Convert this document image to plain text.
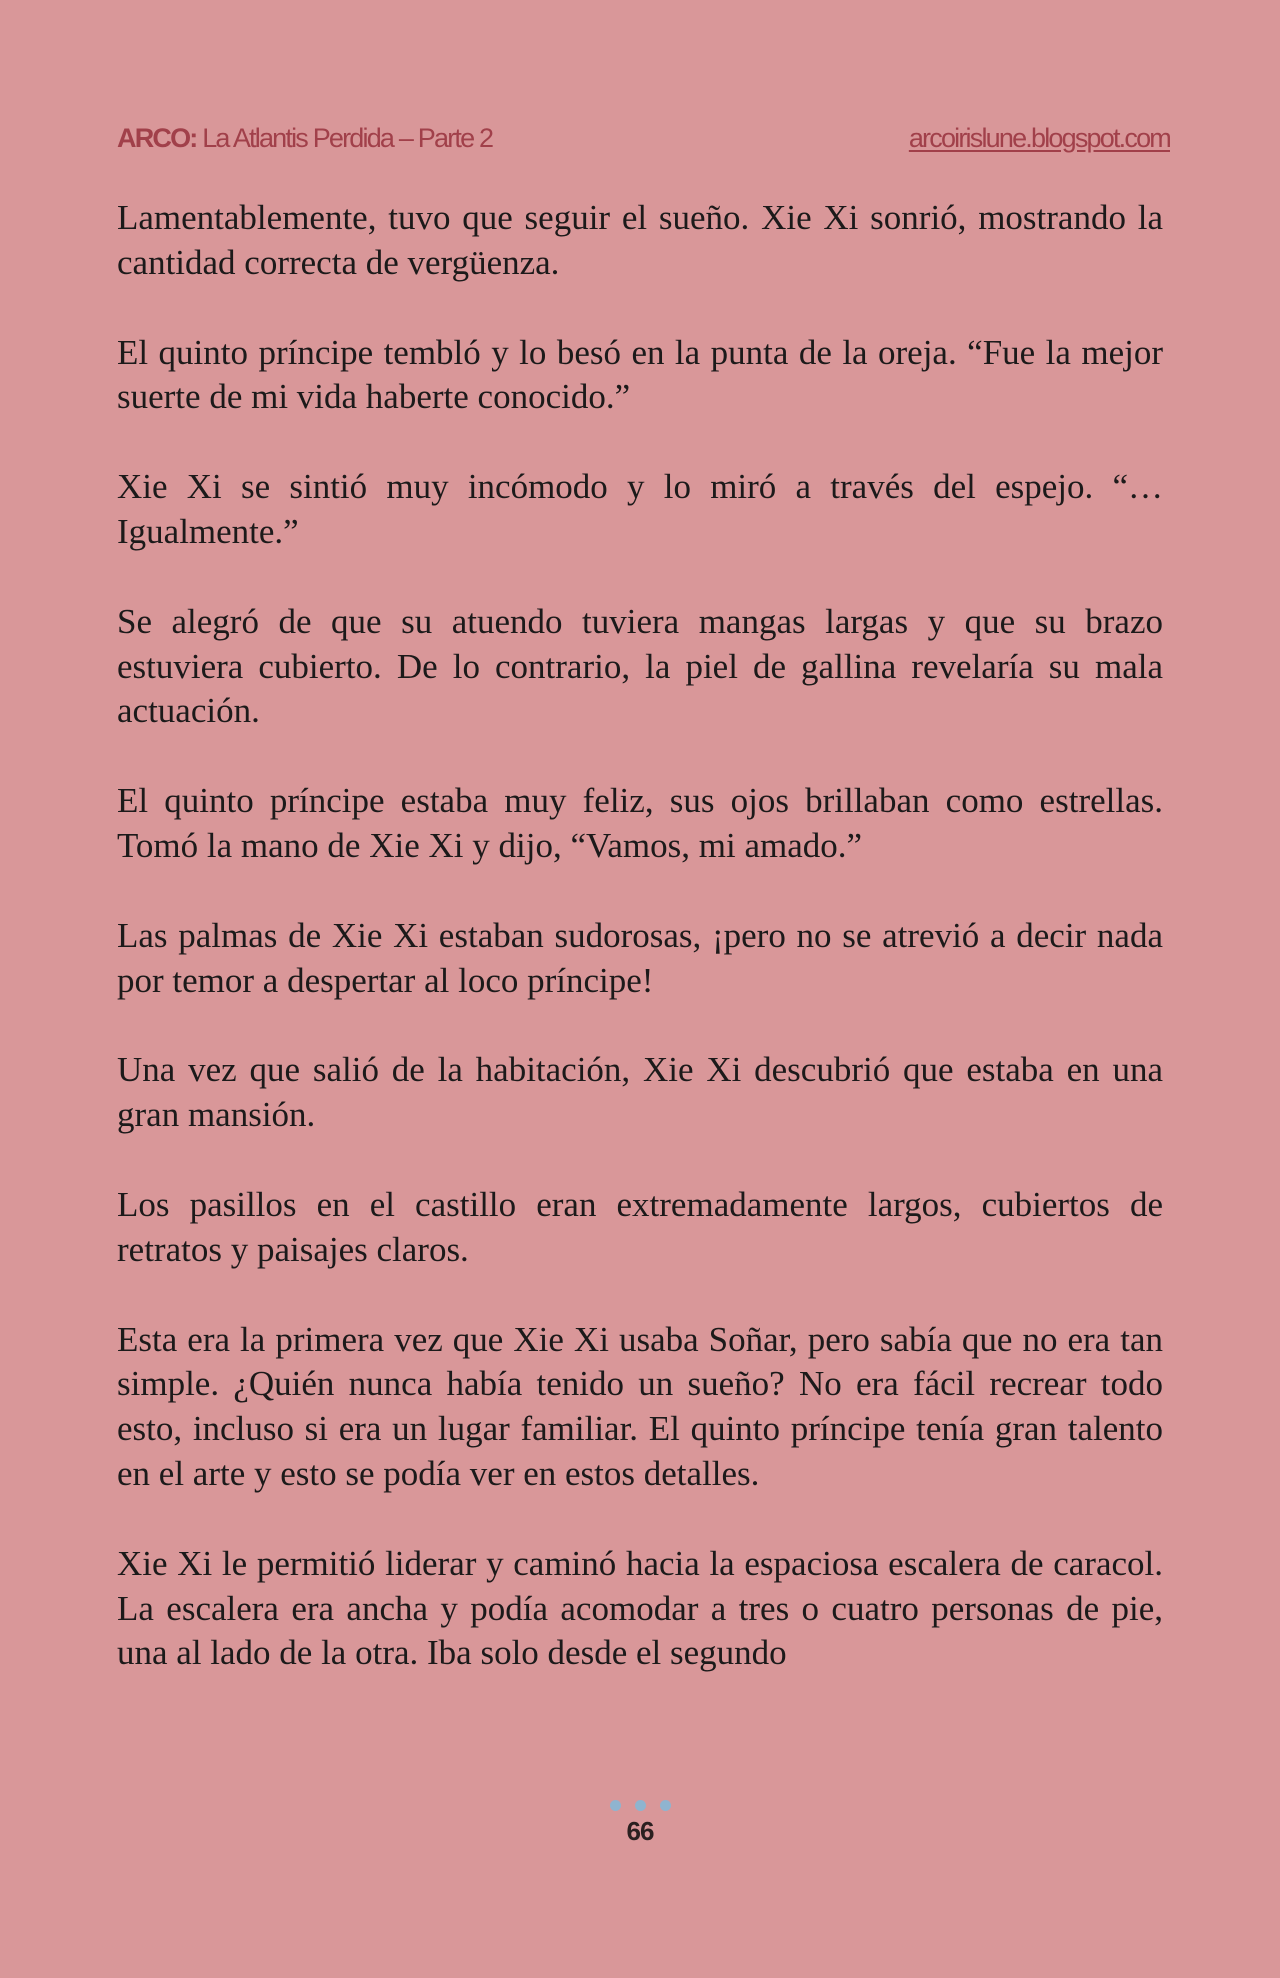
ARCO: La Atlantis Perdida – Parte 2	arcoirislune.blogspot.com

Lamentablemente, tuvo que seguir el sueño. Xie Xi sonrió, mostrando la cantidad correcta de vergüenza.

El quinto príncipe tembló y lo besó en la punta de la oreja. “Fue la mejor suerte de mi vida haberte conocido.”

Xie Xi se sintió muy incómodo y lo miró a través del espejo. “…Igualmente.”

Se alegró de que su atuendo tuviera mangas largas y que su brazo estuviera cubierto. De lo contrario, la piel de gallina revelaría su mala actuación.

El quinto príncipe estaba muy feliz, sus ojos brillaban como estrellas. Tomó la mano de Xie Xi y dijo, “Vamos, mi amado.”

Las palmas de Xie Xi estaban sudorosas, ¡pero no se atrevió a decir nada por temor a despertar al loco príncipe!

Una vez que salió de la habitación, Xie Xi descubrió que estaba en una gran mansión.

Los pasillos en el castillo eran extremadamente largos, cubiertos de retratos y paisajes claros.

Esta era la primera vez que Xie Xi usaba Soñar, pero sabía que no era tan simple. ¿Quién nunca había tenido un sueño? No era fácil recrear todo esto, incluso si era un lugar familiar. El quinto príncipe tenía gran talento en el arte y esto se podía ver en estos detalles.

Xie Xi le permitió liderar y caminó hacia la espaciosa escalera de caracol. La escalera era ancha y podía acomodar a tres o cuatro personas de pie, una al lado de la otra. Iba solo desde el segundo

66
